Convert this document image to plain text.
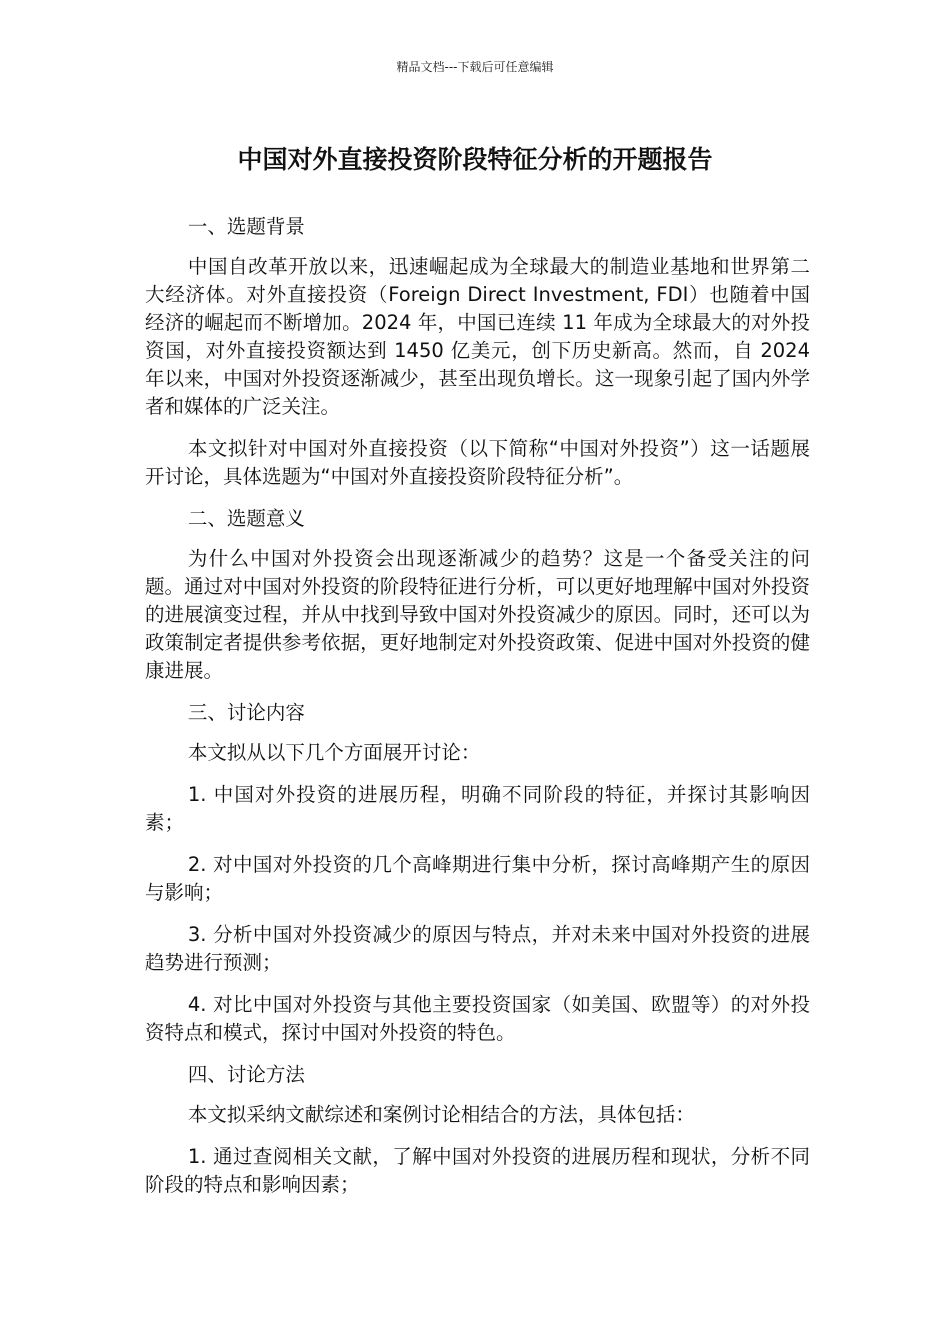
精品文档---下载后可任意编辑
中国对外直接投资阶段特征分析的开题报告

一、选题背景

中国自改革开放以来，迅速崛起成为全球最大的制造业基地和世界第二大经济体。对外直接投资（Foreign Direct Investment, FDI）也随着中国经济的崛起而不断增加。2024 年，中国已连续 11 年成为全球最大的对外投资国，对外直接投资额达到 1450 亿美元，创下历史新高。然而，自 2024 年以来，中国对外投资逐渐减少，甚至出现负增长。这一现象引起了国内外学者和媒体的广泛关注。

本文拟针对中国对外直接投资（以下简称“中国对外投资”）这一话题展开讨论，具体选题为“中国对外直接投资阶段特征分析”。

二、选题意义

为什么中国对外投资会出现逐渐减少的趋势？这是一个备受关注的问题。通过对中国对外投资的阶段特征进行分析，可以更好地理解中国对外投资的进展演变过程，并从中找到导致中国对外投资减少的原因。同时，还可以为政策制定者提供参考依据，更好地制定对外投资政策、促进中国对外投资的健康进展。

三、讨论内容

本文拟从以下几个方面展开讨论：

1. 中国对外投资的进展历程，明确不同阶段的特征，并探讨其影响因素；

2. 对中国对外投资的几个高峰期进行集中分析，探讨高峰期产生的原因与影响；

3. 分析中国对外投资减少的原因与特点，并对未来中国对外投资的进展趋势进行预测；

4. 对比中国对外投资与其他主要投资国家（如美国、欧盟等）的对外投资特点和模式，探讨中国对外投资的特色。

四、讨论方法

本文拟采纳文献综述和案例讨论相结合的方法，具体包括：

1. 通过查阅相关文献，了解中国对外投资的进展历程和现状，分析不同阶段的特点和影响因素；
